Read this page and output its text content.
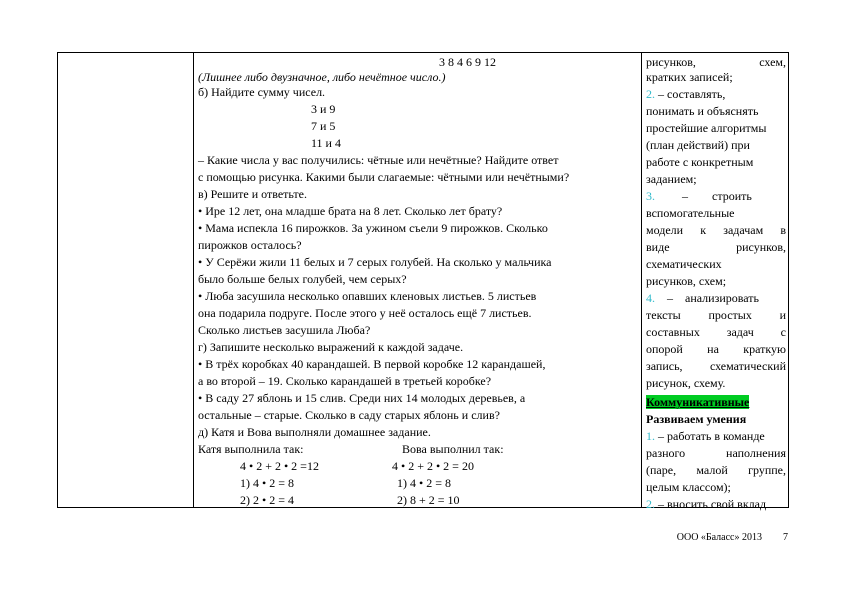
3 8 4 6 9 12
(Лишнее либо двузначное, либо нечётное число.)
б) Найдите сумму чисел.
3 и 9
7 и 5
11 и 4
– Какие числа у вас получились: чётные или нечётные? Найдите ответ
с помощью рисунка. Какими были слагаемые: чётными или нечётными?
в) Решите и ответьте.
• Ире 12 лет, она младше брата на 8 лет. Сколько лет брату?
• Мама испекла 16 пирожков. За ужином съели 9 пирожков. Сколько
пирожков осталось?
• У Серёжи жили 11 белых и 7 серых голубей. На сколько у мальчика
было больше белых голубей, чем серых?
• Люба засушила несколько опавших кленовых листьев. 5 листьев
она подарила подруге. После этого у неё осталось ещё 7 листьев.
Сколько листьев засушила Люба?
г) Запишите несколько выражений к каждой задаче.
• В трёх коробках 40 карандашей. В первой коробке 12 карандашей,
а во второй – 19. Сколько карандашей в третьей коробке?
• В саду 27 яблонь и 15 слив. Среди них 14 молодых деревьев, а
остальные – старые. Сколько в саду старых яблонь и слив?
д) Катя и Вова выполняли домашнее задание.
Катя выполнила так:	Вова выполнил так:
4 • 2 + 2 • 2 =12	4 • 2 + 2 • 2 = 20
1) 4 • 2 = 8	1) 4 • 2 = 8
2) 2 • 2 = 4	2) 8 + 2 = 10
рисунков,         схем,
кратких записей;
2. – составлять,
понимать и объяснять
простейшие алгоритмы
(план действий) при
работе с конкретным
заданием;
3.         –        строить
вспомогательные
модели   к   задачам   в
виде             рисунков,
схематических
рисунков, схем;
4.    –    анализировать
тексты       простых       и
составных      задач      с
опорой      на      краткую
запись,    схематический
рисунок, схему.
Коммуникативные
Развиваем умения
1. – работать в команде
разного         наполнения
(паре,    малой    группе,
целым классом);
2. – вносить свой вклад
ООО «Баласс» 2013 7
